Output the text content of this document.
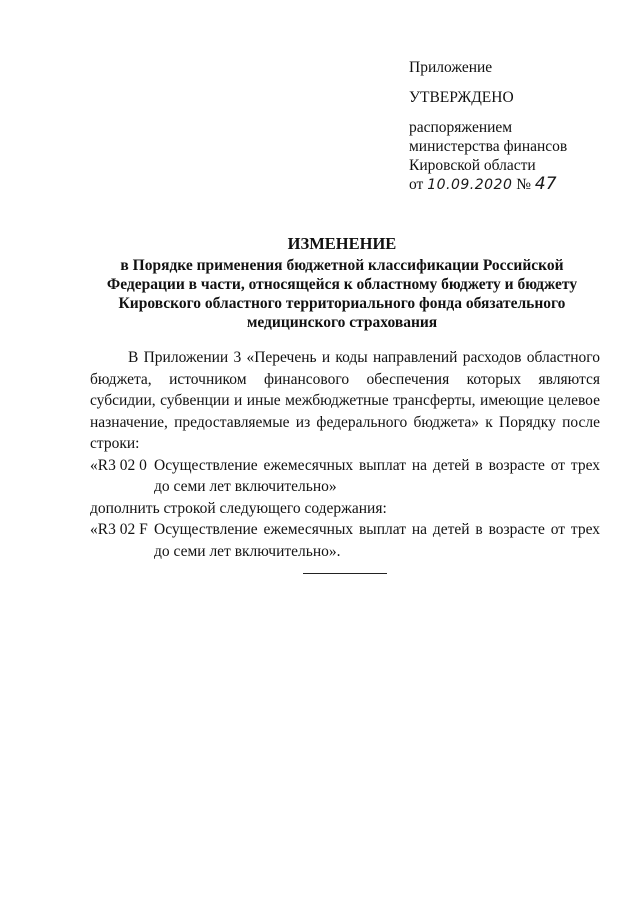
Приложение
УТВЕРЖДЕНО
распоряжением
министерства финансов
Кировской области
от 10.09.2020 № 47
ИЗМЕНЕНИЕ
в Порядке применения бюджетной классификации Российской
Федерации в части, относящейся к областному бюджету и бюджету
Кировского областного территориального фонда обязательного
медицинского страхования
В Приложении 3 «Перечень и коды направлений расходов областного бюджета, источником финансового обеспечения которых являются субсидии, субвенции и иные межбюджетные трансферты, имеющие целевое назначение, предоставляемые из федерального бюджета» к Порядку после строки:
«R3 02 0 Осуществление ежемесячных выплат на детей в возрасте от трех до семи лет включительно»
дополнить строкой следующего содержания:
«R3 02 F Осуществление ежемесячных выплат на детей в возрасте от трех до семи лет включительно».
